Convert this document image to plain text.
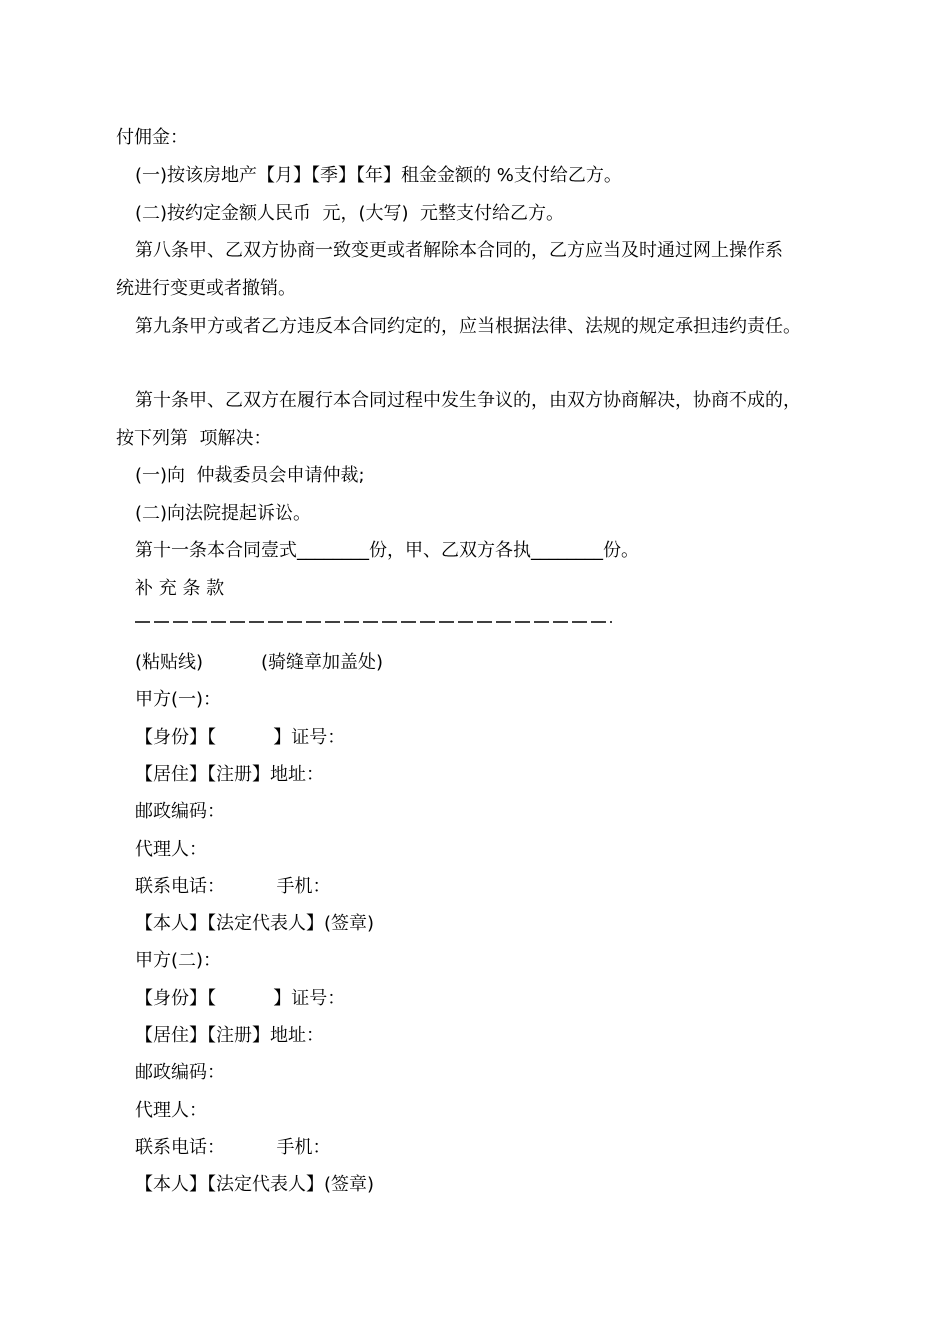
付佣金：
(一)按该房地产【月】【季】【年】租金金额的 %支付给乙方。
(二)按约定金额人民币  元，(大写)  元整支付给乙方。
第八条甲、乙双方协商一致变更或者解除本合同的，乙方应当及时通过网上操作系
统进行变更或者撤销。
第九条甲方或者乙方违反本合同约定的，应当根据法律、法规的规定承担违约责任。
第十条甲、乙双方在履行本合同过程中发生争议的，由双方协商解决，协商不成的，
按下列第  项解决：
(一)向  仲裁委员会申请仲裁;
(二)向法院提起诉讼。
第十一条本合同壹式________份，甲、乙双方各执________份。
补 充 条 款
(粘贴线)	(骑缝章加盖处)
甲方(一)：
【身份】【          】证号：
【居住】【注册】地址：
邮政编码：
代理人：
联系电话：         手机：
【本人】【法定代表人】(签章)
甲方(二)：
【身份】【          】证号：
【居住】【注册】地址：
邮政编码：
代理人：
联系电话：         手机：
【本人】【法定代表人】(签章)
